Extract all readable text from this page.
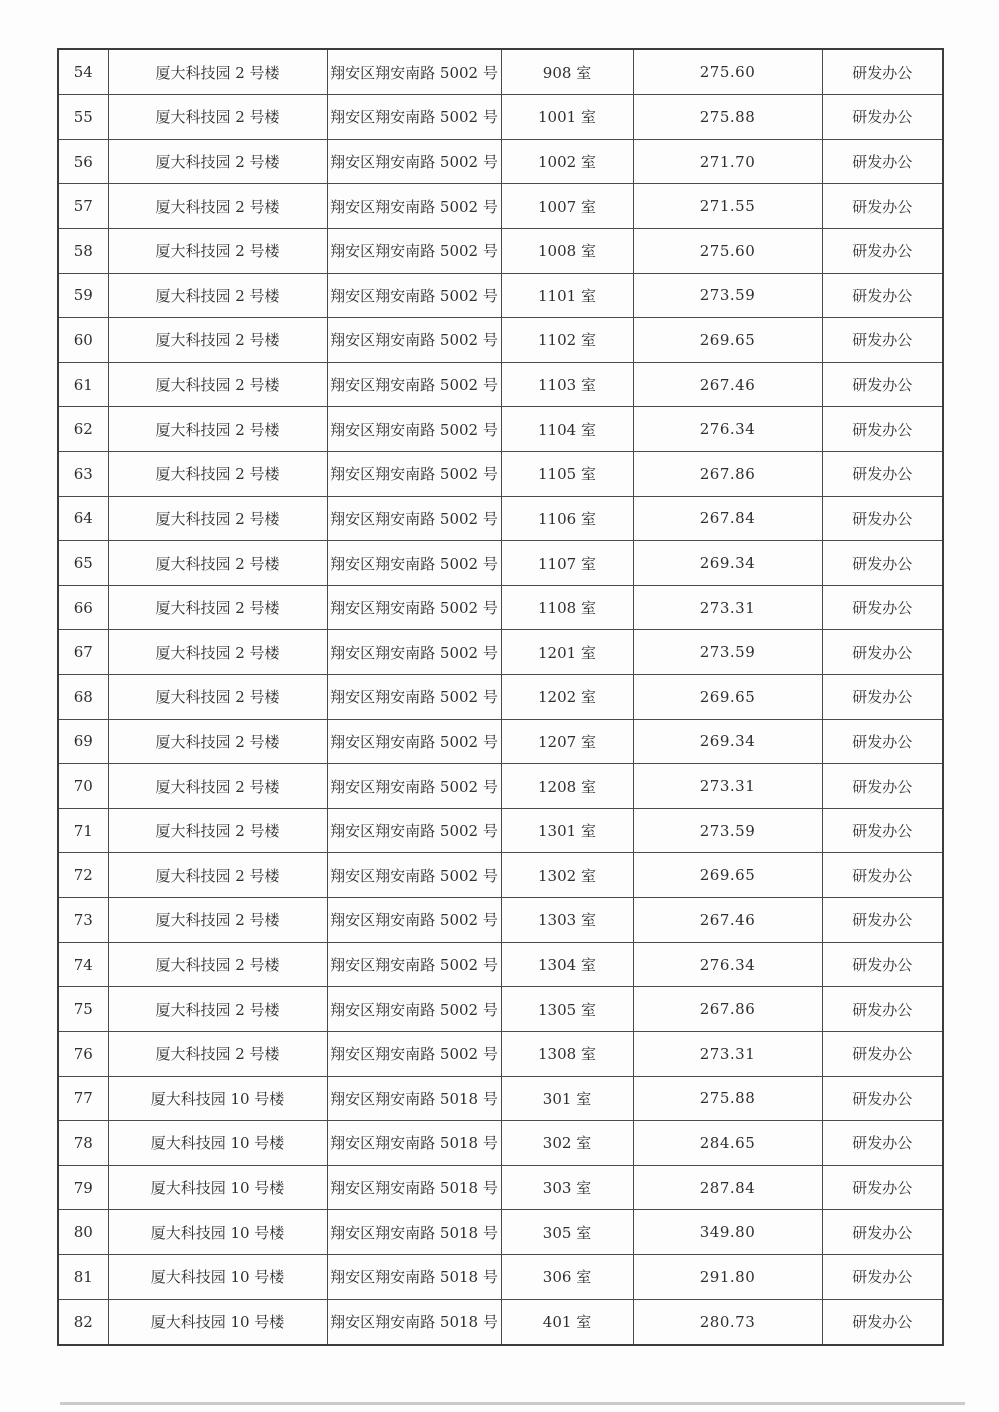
54	厦大科技园 2 号楼	翔安区翔安南路 5002 号	908 室	275.60	研发办公
55	厦大科技园 2 号楼	翔安区翔安南路 5002 号	1001 室	275.88	研发办公
56	厦大科技园 2 号楼	翔安区翔安南路 5002 号	1002 室	271.70	研发办公
57	厦大科技园 2 号楼	翔安区翔安南路 5002 号	1007 室	271.55	研发办公
58	厦大科技园 2 号楼	翔安区翔安南路 5002 号	1008 室	275.60	研发办公
59	厦大科技园 2 号楼	翔安区翔安南路 5002 号	1101 室	273.59	研发办公
60	厦大科技园 2 号楼	翔安区翔安南路 5002 号	1102 室	269.65	研发办公
61	厦大科技园 2 号楼	翔安区翔安南路 5002 号	1103 室	267.46	研发办公
62	厦大科技园 2 号楼	翔安区翔安南路 5002 号	1104 室	276.34	研发办公
63	厦大科技园 2 号楼	翔安区翔安南路 5002 号	1105 室	267.86	研发办公
64	厦大科技园 2 号楼	翔安区翔安南路 5002 号	1106 室	267.84	研发办公
65	厦大科技园 2 号楼	翔安区翔安南路 5002 号	1107 室	269.34	研发办公
66	厦大科技园 2 号楼	翔安区翔安南路 5002 号	1108 室	273.31	研发办公
67	厦大科技园 2 号楼	翔安区翔安南路 5002 号	1201 室	273.59	研发办公
68	厦大科技园 2 号楼	翔安区翔安南路 5002 号	1202 室	269.65	研发办公
69	厦大科技园 2 号楼	翔安区翔安南路 5002 号	1207 室	269.34	研发办公
70	厦大科技园 2 号楼	翔安区翔安南路 5002 号	1208 室	273.31	研发办公
71	厦大科技园 2 号楼	翔安区翔安南路 5002 号	1301 室	273.59	研发办公
72	厦大科技园 2 号楼	翔安区翔安南路 5002 号	1302 室	269.65	研发办公
73	厦大科技园 2 号楼	翔安区翔安南路 5002 号	1303 室	267.46	研发办公
74	厦大科技园 2 号楼	翔安区翔安南路 5002 号	1304 室	276.34	研发办公
75	厦大科技园 2 号楼	翔安区翔安南路 5002 号	1305 室	267.86	研发办公
76	厦大科技园 2 号楼	翔安区翔安南路 5002 号	1308 室	273.31	研发办公
77	厦大科技园 10 号楼	翔安区翔安南路 5018 号	301 室	275.88	研发办公
78	厦大科技园 10 号楼	翔安区翔安南路 5018 号	302 室	284.65	研发办公
79	厦大科技园 10 号楼	翔安区翔安南路 5018 号	303 室	287.84	研发办公
80	厦大科技园 10 号楼	翔安区翔安南路 5018 号	305 室	349.80	研发办公
81	厦大科技园 10 号楼	翔安区翔安南路 5018 号	306 室	291.80	研发办公
82	厦大科技园 10 号楼	翔安区翔安南路 5018 号	401 室	280.73	研发办公
